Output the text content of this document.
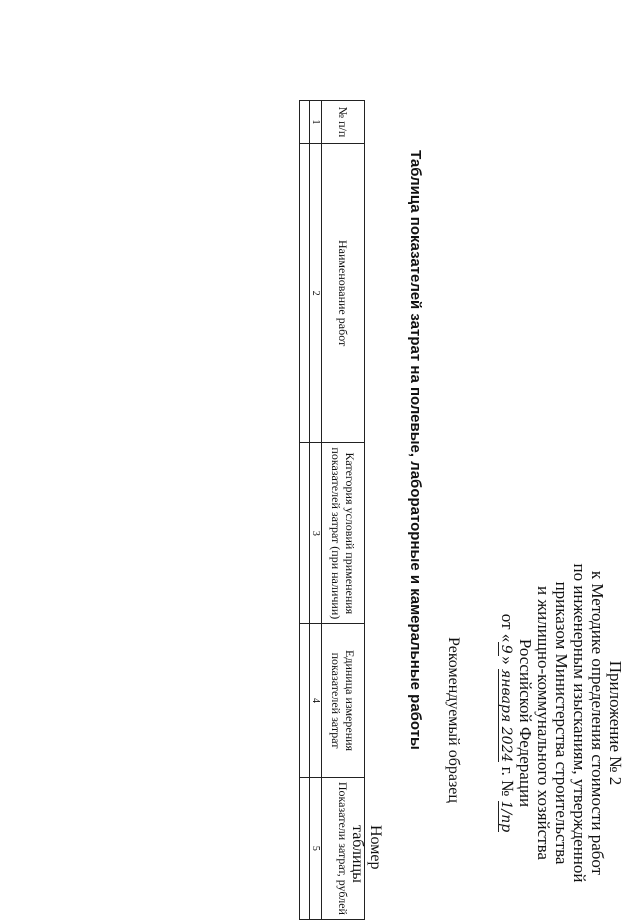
Приложение № 2
к Методике определения стоимости работ
по инженерным изысканиям, утвержденной
приказом Министерства строительства
и жилищно-коммунального хозяйства
Российской Федерации
от «9» января 2024 г. № 1/пр
Рекомендуемый образец
Таблица показателей затрат на полевые, лабораторные и камеральные работы
Номер таблицы
№ п/п	Наименование работ	Категория условий применения показателей затрат (при наличии)	Единица измерения показателей затрат	Показатели затрат, рублей
1	2	3	4	5
